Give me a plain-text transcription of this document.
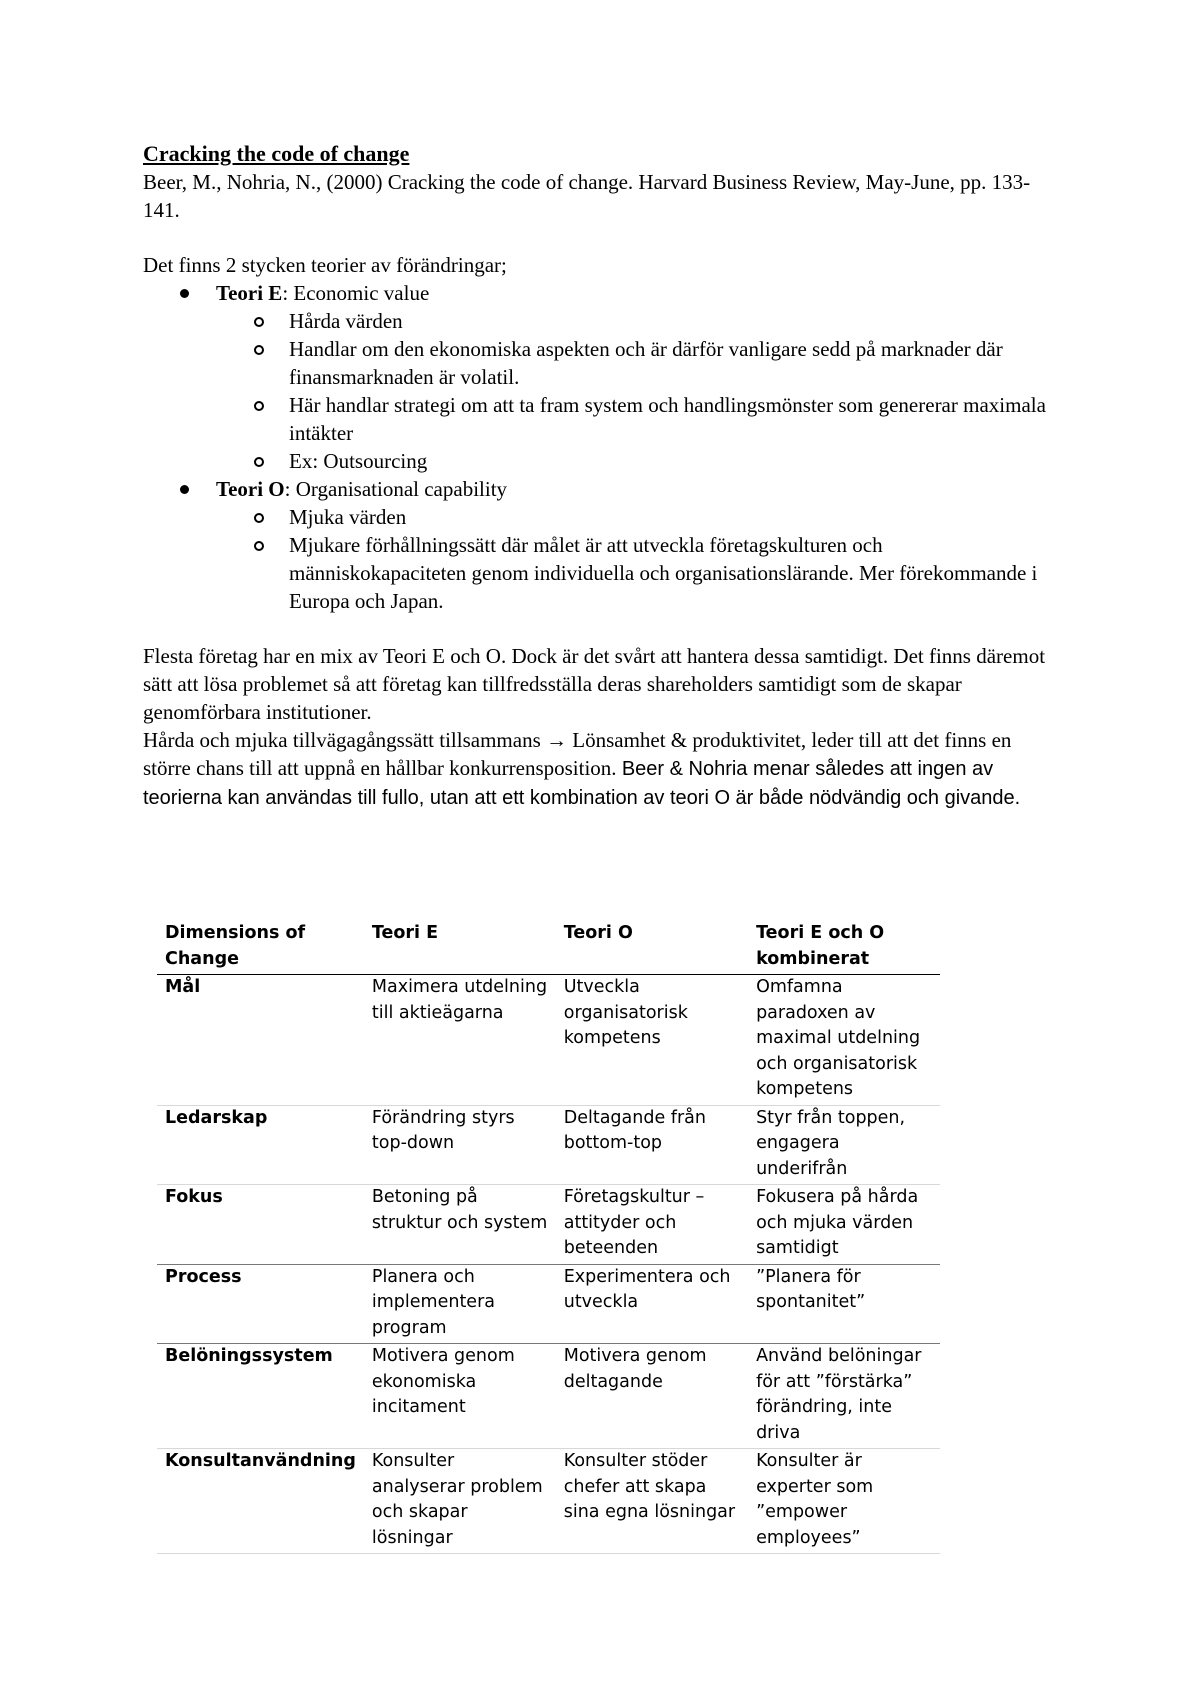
Cracking the code of change

Beer, M., Nohria, N., (2000) Cracking the code of change. Harvard Business Review, May-June, pp. 133-141.

Det finns 2 stycken teorier av förändringar;

Teori E: Economic value
Hårda värden
Handlar om den ekonomiska aspekten och är därför vanligare sedd på marknader där finansmarknaden är volatil.
Här handlar strategi om att ta fram system och handlingsmönster som genererar maximala intäkter
Ex: Outsourcing
Teori O: Organisational capability
Mjuka värden
Mjukare förhållningssätt där målet är att utveckla företagskulturen och människokapaciteten genom individuella och organisationslärande. Mer förekommande i Europa och Japan.

Flesta företag har en mix av Teori E och O. Dock är det svårt att hantera dessa samtidigt. Det finns däremot sätt att lösa problemet så att företag kan tillfredsställa deras shareholders samtidigt som de skapar genomförbara institutioner.

Hårda och mjuka tillvägagångssätt tillsammans → Lönsamhet & produktivitet, leder till att det finns en större chans till att uppnå en hållbar konkurrensposition. Beer & Nohria menar således att ingen av teorierna kan användas till fullo, utan att ett kombination av teori O är både nödvändig och givande.

Dimensions of Change	Teori E	Teori O	Teori E och O kombinerat
Mål	Maximera utdelning till aktieägarna	Utveckla organisatorisk kompetens	Omfamna paradoxen av maximal utdelning och organisatorisk kompetens
Ledarskap	Förändring styrs top-down	Deltagande från bottom-top	Styr från toppen, engagera underifrån
Fokus	Betoning på struktur och system	Företagskultur – attityder och beteenden	Fokusera på hårda och mjuka värden samtidigt
Process	Planera och implementera program	Experimentera och utveckla	”Planera för spontanitet”
Belöningssystem	Motivera genom ekonomiska incitament	Motivera genom deltagande	Använd belöningar för att ”förstärka” förändring, inte driva
Konsultanvändning	Konsulter analyserar problem och skapar lösningar	Konsulter stöder chefer att skapa sina egna lösningar	Konsulter är experter som ”empower employees”
